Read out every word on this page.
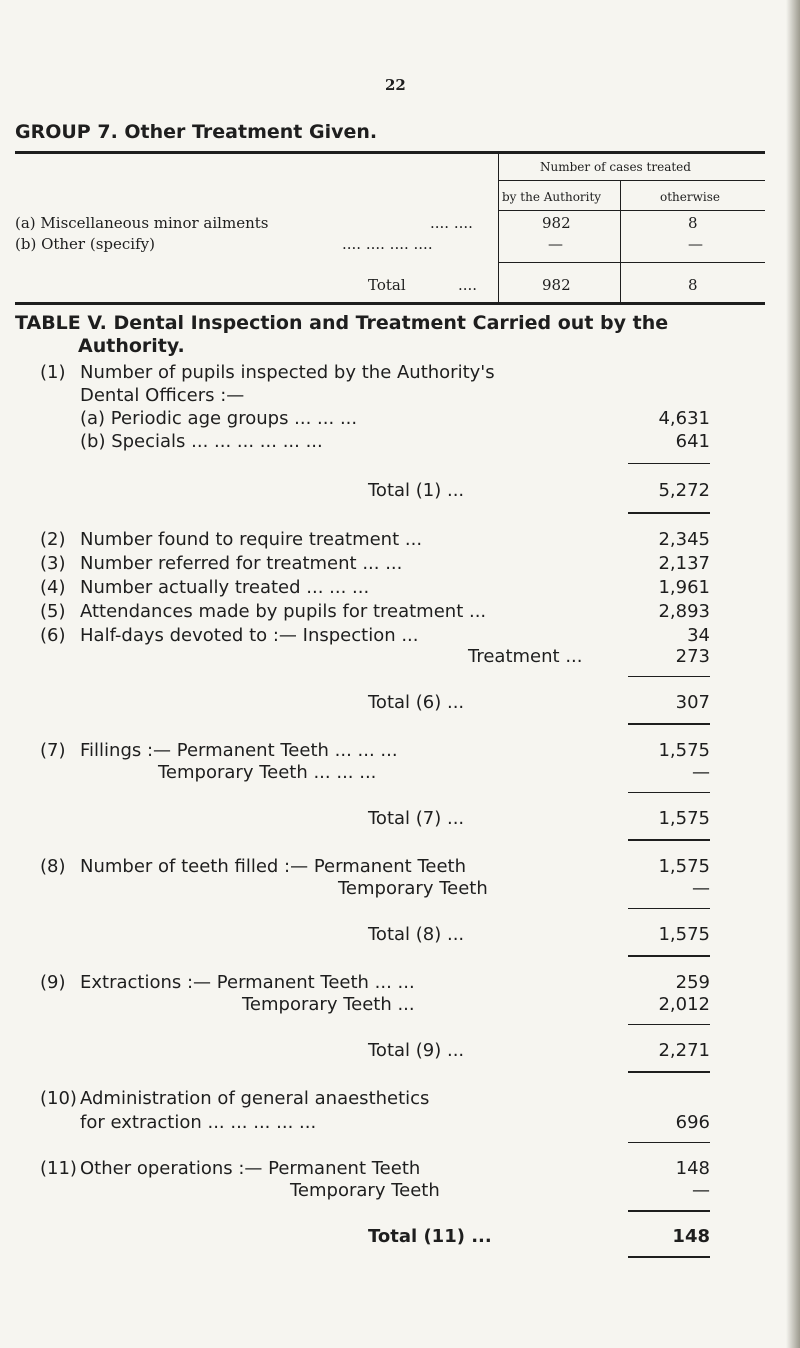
22
GROUP 7. Other Treatment Given.
Number of cases treated
by the Authority	otherwise
(a) Miscellaneous minor ailments	.... ....	982	8
(b) Other (specify)	.... .... .... ....	—	—
Total	....	982	8
TABLE V. Dental Inspection and Treatment Carried out by the
Authority.
(1) Number of pupils inspected by the Authority's
Dental Officers :—
(a) Periodic age groups ... ... ...	4,631
(b) Specials ... ... ... ... ... ...	641
Total (1) ...	5,272
(2) Number found to require treatment ...	2,345
(3) Number referred for treatment ... ...	2,137
(4) Number actually treated ... ... ...	1,961
(5) Attendances made by pupils for treatment ...	2,893
(6) Half-days devoted to :— Inspection ...	34
Treatment ...	273
Total (6) ...	307
(7) Fillings :— Permanent Teeth ... ... ...	1,575
Temporary Teeth ... ... ...	—
Total (7) ...	1,575
(8) Number of teeth filled :— Permanent Teeth	1,575
Temporary Teeth	—
Total (8) ...	1,575
(9) Extractions :— Permanent Teeth ... ...	259
Temporary Teeth ...	2,012
Total (9) ...	2,271
(10) Administration of general anaesthetics
for extraction ... ... ... ... ...	696
(11) Other operations :— Permanent Teeth	148
Temporary Teeth	—
Total (11) ...	148
